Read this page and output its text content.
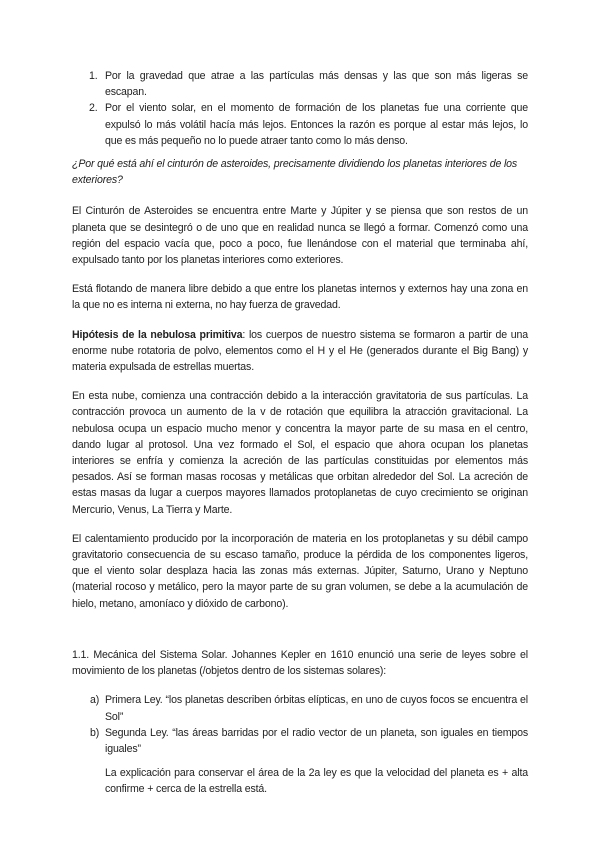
1. Por la gravedad que atrae a las partículas más densas y las que son más ligeras se escapan.
2. Por el viento solar, en el momento de formación de los planetas fue una corriente que expulsó lo más volátil hacía más lejos. Entonces la razón es porque al estar más lejos, lo que es más pequeño no lo puede atraer tanto como lo más denso.

¿Por qué está ahí el cinturón de asteroides, precisamente dividiendo los planetas interiores de los exteriores?

El Cinturón de Asteroides se encuentra entre Marte y Júpiter y se piensa que son restos de un planeta que se desintegró o de uno que en realidad nunca se llegó a formar. Comenzó como una región del espacio vacía que, poco a poco, fue llenándose con el material que terminaba ahí, expulsado tanto por los planetas interiores como exteriores.

Está flotando de manera libre debido a que entre los planetas internos y externos hay una zona en la que no es interna ni externa, no hay fuerza de gravedad.

Hipótesis de la nebulosa primitiva: los cuerpos de nuestro sistema se formaron a partir de una enorme nube rotatoria de polvo, elementos como el H y el He (generados durante el Big Bang) y materia expulsada de estrellas muertas.

En esta nube, comienza una contracción debido a la interacción gravitatoria de sus partículas. La contracción provoca un aumento de la v de rotación que equilibra la atracción gravitacional. La nebulosa ocupa un espacio mucho menor y concentra la mayor parte de su masa en el centro, dando lugar al protosol. Una vez formado el Sol, el espacio que ahora ocupan los planetas interiores se enfría y comienza la acreción de las partículas constituidas por elementos más pesados. Así se forman masas rocosas y metálicas que orbitan alrededor del Sol. La acreción de estas masas da lugar a cuerpos mayores llamados protoplanetas de cuyo crecimiento se originan Mercurio, Venus, La Tierra y Marte.

El calentamiento producido por la incorporación de materia en los protoplanetas y su débil campo gravitatorio consecuencia de su escaso tamaño, produce la pérdida de los componentes ligeros, que el viento solar desplaza hacia las zonas más externas. Júpiter, Saturno, Urano y Neptuno (material rocoso y metálico, pero la mayor parte de su gran volumen, se debe a la acumulación de hielo, metano, amoníaco y dióxido de carbono).

1.1. Mecánica del Sistema Solar. Johannes Kepler en 1610 enunció una serie de leyes sobre el movimiento de los planetas (/objetos dentro de los sistemas solares):

a) Primera Ley. “los planetas describen órbitas elípticas, en uno de cuyos focos se encuentra el Sol”
b) Segunda Ley. “las áreas barridas por el radio vector de un planeta, son iguales en tiempos iguales”

La explicación para conservar el área de la 2a ley es que la velocidad del planeta es + alta confirme + cerca de la estrella está.
